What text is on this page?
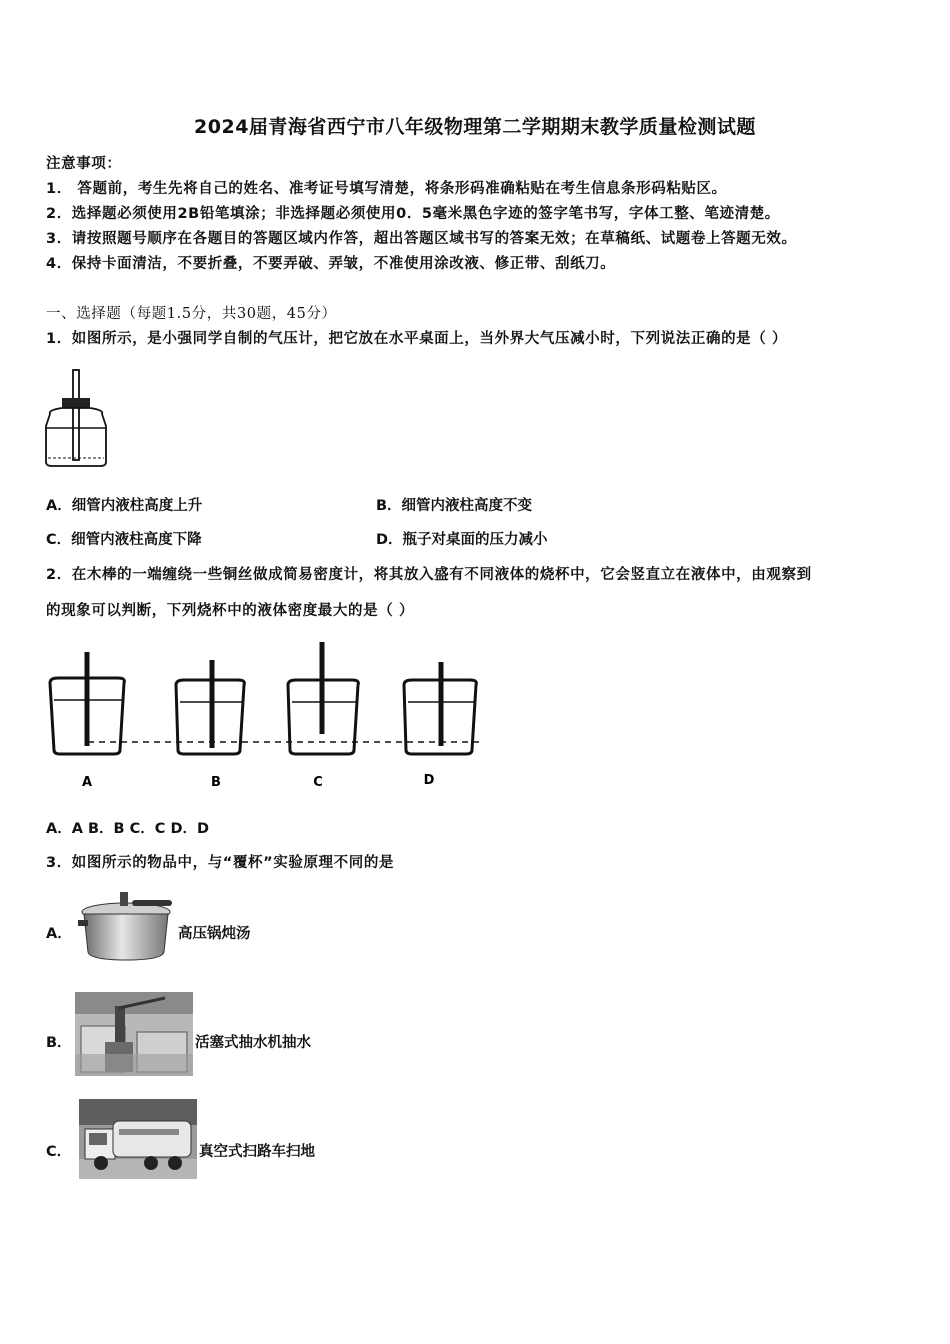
2024届青海省西宁市八年级物理第二学期期末教学质量检测试题
注意事项：
1． 答题前，考生先将自己的姓名、准考证号填写清楚，将条形码准确粘贴在考生信息条形码粘贴区。
2．选择题必须使用2B铅笔填涂；非选择题必须使用0．5毫米黑色字迹的签字笔书写，字体工整、笔迹清楚。
3．请按照题号顺序在各题目的答题区域内作答，超出答题区域书写的答案无效；在草稿纸、试题卷上答题无效。
4．保持卡面清洁，不要折叠，不要弄破、弄皱，不准使用涂改液、修正带、刮纸刀。
一、选择题（每题1.5分，共30题，45分）
1．如图所示，是小强同学自制的气压计，把它放在水平桌面上，当外界大气压减小时，下列说法正确的是（ ）
A．细管内液柱高度上升	B．细管内液柱高度不变
C．细管内液柱高度下降	D．瓶子对桌面的压力减小
2．在木棒的一端缠绕一些铜丝做成简易密度计，将其放入盛有不同液体的烧杯中，它会竖直立在液体中，由观察到
的现象可以判断，下列烧杯中的液体密度最大的是（ ）
A	B	C	D
A．A B．B C．C D．D
3．如图所示的物品中，与“覆杯”实验原理不同的是
A．	高压锅炖汤
B．	活塞式抽水机抽水
C．	真空式扫路车扫地
